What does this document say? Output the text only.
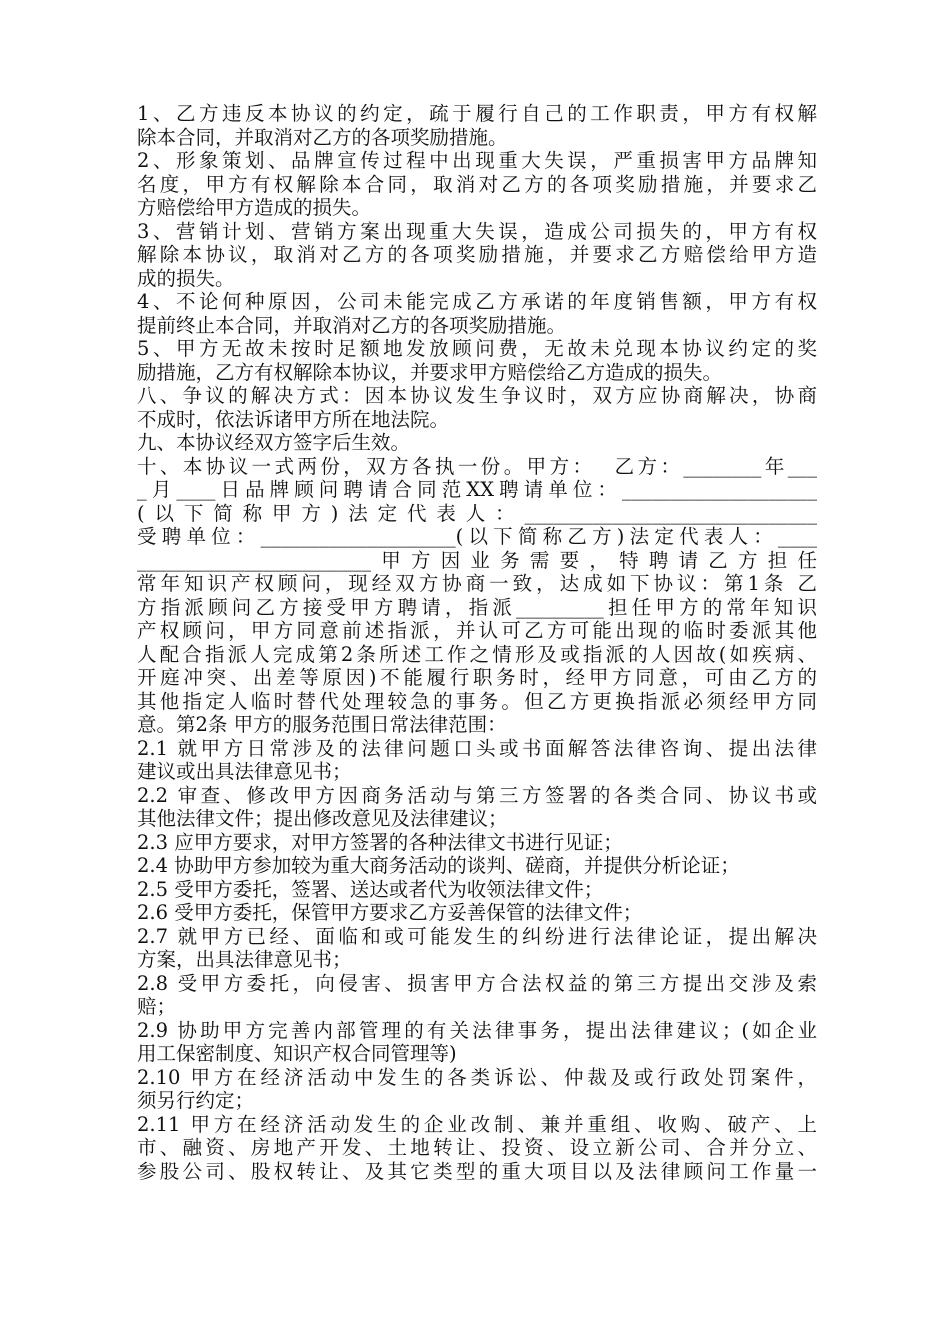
1、乙方违反本协议的约定，疏于履行自己的工作职责，甲方有权解
除本合同，并取消对乙方的各项奖励措施。
2、形象策划、品牌宣传过程中出现重大失误，严重损害甲方品牌知
名度，甲方有权解除本合同，取消对乙方的各项奖励措施，并要求乙
方赔偿给甲方造成的损失。
3、营销计划、营销方案出现重大失误，造成公司损失的，甲方有权
解除本协议，取消对乙方的各项奖励措施，并要求乙方赔偿给甲方造
成的损失。
4、不论何种原因，公司未能完成乙方承诺的年度销售额，甲方有权
提前终止本合同，并取消对乙方的各项奖励措施。
5、甲方无故未按时足额地发放顾问费，无故未兑现本协议约定的奖
励措施，乙方有权解除本协议，并要求甲方赔偿给乙方造成的损失。
八、争议的解决方式：因本协议发生争议时，双方应协商解决，协商
不成时，依法诉诸甲方所在地法院。
九、本协议经双方签字后生效。
十、本协议一式两份，双方各执一份。甲方：  乙方：________年___
_月____日品牌顾问聘请合同范XX聘请单位：____________________
(以下简称甲方)法定代表人：______________________________
受聘单位：____________________(以下简称乙方)法定代表人：____
________________________甲方因业务需要，特聘请乙方担任
常年知识产权顾问，现经双方协商一致，达成如下协议：第1条 乙
方指派顾问乙方接受甲方聘请，指派_________担任甲方的常年知识
产权顾问，甲方同意前述指派，并认可乙方可能出现的临时委派其他
人配合指派人完成第2条所述工作之情形及或指派的人因故(如疾病、
开庭冲突、出差等原因)不能履行职务时，经甲方同意，可由乙方的
其他指定人临时替代处理较急的事务。但乙方更换指派必须经甲方同
意。第2条 甲方的服务范围日常法律范围：
2.1 就甲方日常涉及的法律问题口头或书面解答法律咨询、提出法律
建议或出具法律意见书；
2.2 审查、修改甲方因商务活动与第三方签署的各类合同、协议书或
其他法律文件；提出修改意见及法律建议；
2.3 应甲方要求，对甲方签署的各种法律文书进行见证；
2.4 协助甲方参加较为重大商务活动的谈判、磋商，并提供分析论证；
2.5 受甲方委托，签署、送达或者代为收领法律文件；
2.6 受甲方委托，保管甲方要求乙方妥善保管的法律文件；
2.7 就甲方已经、面临和或可能发生的纠纷进行法律论证，提出解决
方案，出具法律意见书；
2.8 受甲方委托，向侵害、损害甲方合法权益的第三方提出交涉及索
赔；
2.9 协助甲方完善内部管理的有关法律事务，提出法律建议；(如企业
用工保密制度、知识产权合同管理等)
2.10 甲方在经济活动中发生的各类诉讼、仲裁及或行政处罚案件，
须另行约定；
2.11 甲方在经济活动发生的企业改制、兼并重组、收购、破产、上
市、融资、房地产开发、土地转让、投资、设立新公司、合并分立、
参股公司、股权转让、及其它类型的重大项目以及法律顾问工作量一
